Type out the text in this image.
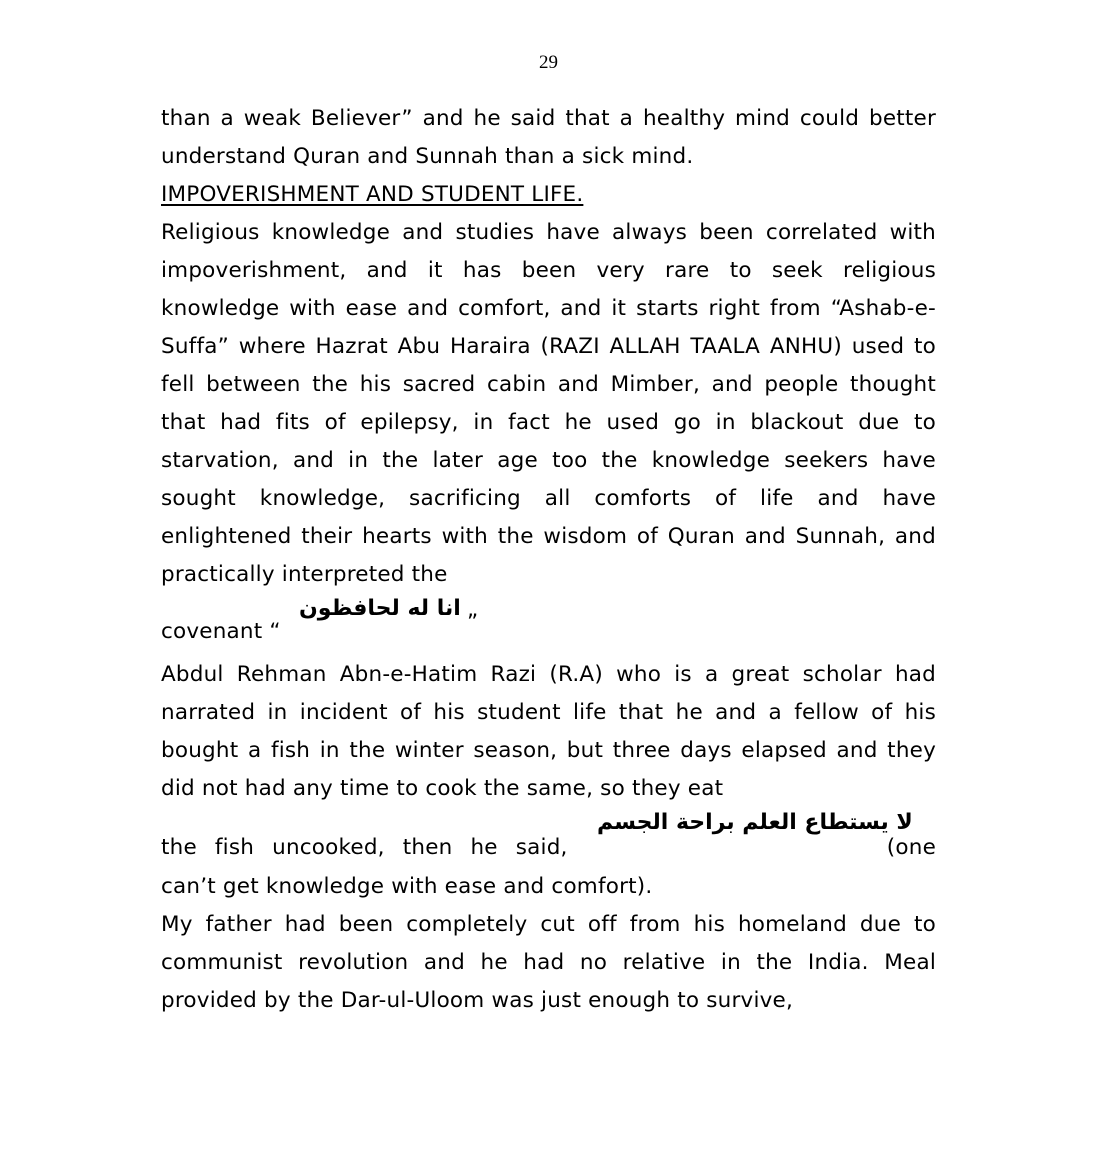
29

than a weak Believer” and he said that a healthy mind could better understand Quran and Sunnah than a sick mind.

IMPOVERISHMENT AND STUDENT LIFE.

Religious knowledge and studies have always been correlated with impoverishment, and it has been very rare to seek religious knowledge with ease and comfort, and it starts right from “Ashab-e-Suffa” where Hazrat Abu Haraira (RAZI ALLAH TAALA ANHU) used to fell between the his sacred cabin and Mimber, and people thought that had fits of epilepsy, in fact he used go in blackout due to starvation, and in the later age too the knowledge seekers have sought knowledge, sacrificing all comforts of life and have enlightened their hearts with the wisdom of Quran and Sunnah, and practically interpreted the

covenant “
انا له لحافظون
”

Abdul Rehman Abn-e-Hatim Razi (R.A) who is a great scholar had narrated in incident of his student life that he and a fellow of his bought a fish in the winter season, but three days elapsed and they did not had any time to cook the same, so they eat

the fish uncooked, then he said,
لا يستطاع العلم براحة الجسم
(one

can’t get knowledge with ease and comfort).

My father had been completely cut off from his homeland due to communist revolution and he had no relative in the India. Meal provided by the Dar-ul-Uloom was just enough to survive,
